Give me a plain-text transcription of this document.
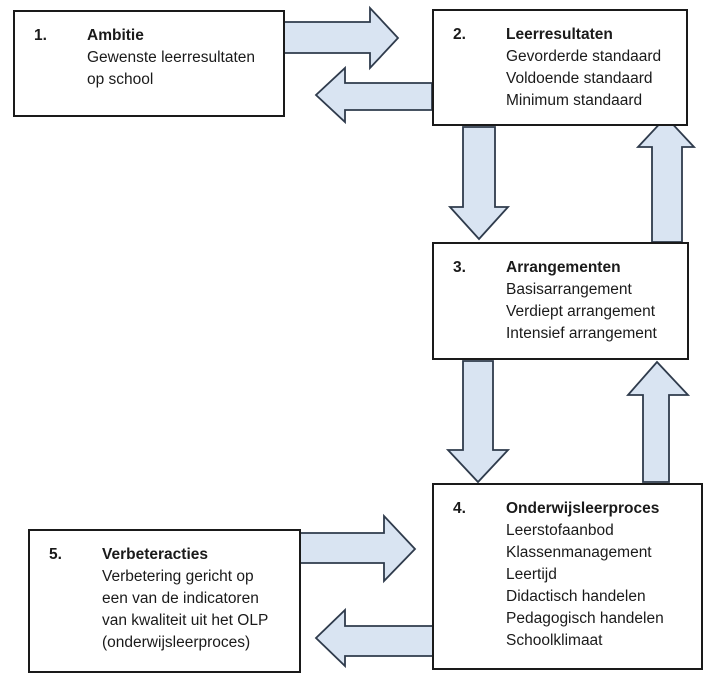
1.	Ambitie
Gewenste leerresultaten
op school
2.	Leerresultaten
Gevorderde standaard
Voldoende standaard
Minimum standaard
3.	Arrangementen
Basisarrangement
Verdiept arrangement
Intensief arrangement
4.	Onderwijsleerproces
Leerstofaanbod
Klassenmanagement
Leertijd
Didactisch handelen
Pedagogisch handelen
Schoolklimaat
5.	Verbeteracties
Verbetering gericht op
een van de indicatoren
van kwaliteit uit het OLP
(onderwijsleerproces)
